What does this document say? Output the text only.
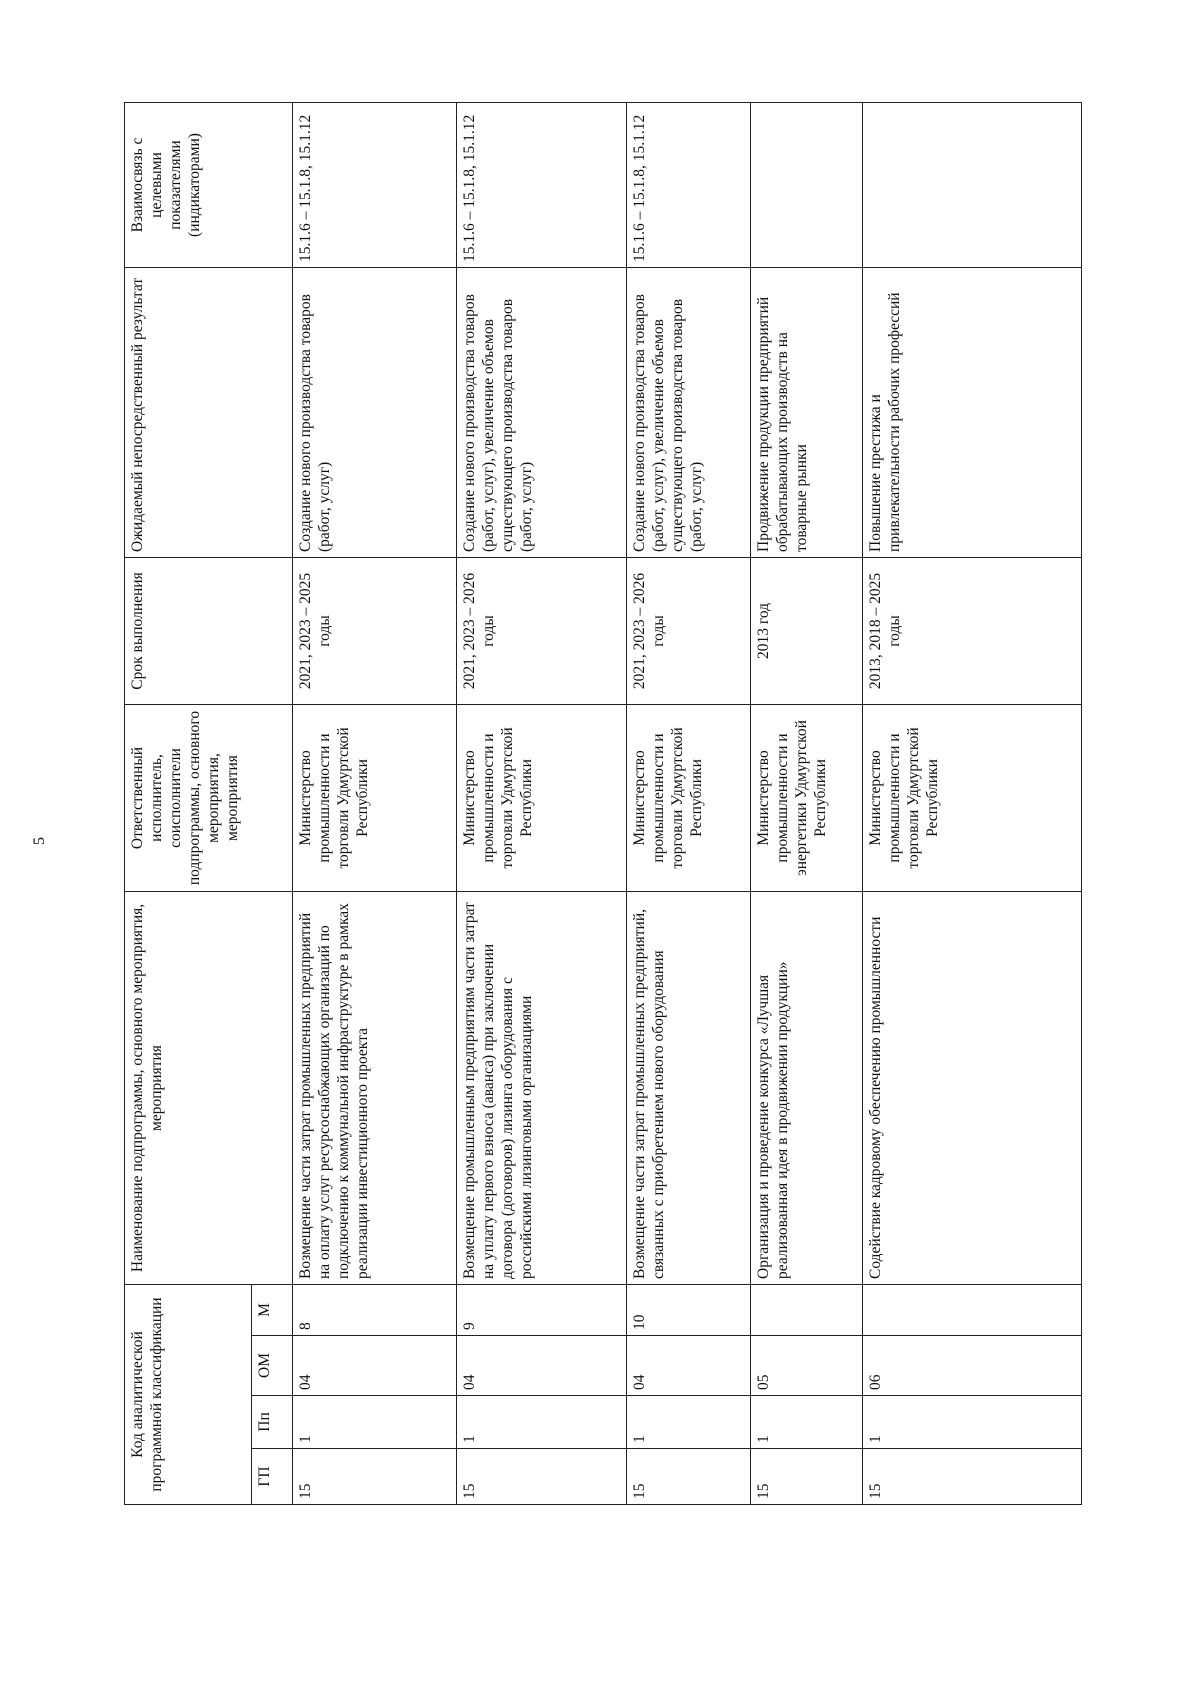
5
Код аналитической программной классификации				Наименование подпрограммы, основного мероприятия, мероприятия	Ответственный исполнитель, соисполнители подпрограммы, основного мероприятия, мероприятия	Срок выполнения	Ожидаемый непосредственный результат	Взаимосвязь с целевыми показателями (индикаторами)
ГП	Пп	ОМ	М					
15	1	04	8	Возмещение части затрат промышленных предприятий на оплату услуг ресурсоснабжающих организаций по подключению к коммунальной инфраструктуре в рамках реализации инвестиционного проекта	Министерство промышленности и торговли Удмуртской Республики	2021, 2023 – 2025 годы	Создание нового производства товаров (работ, услуг)	15.1.6 – 15.1.8, 15.1.12
15	1	04	9	Возмещение промышленным предприятиям части затрат на уплату первого взноса (аванса) при заключении договора (договоров) лизинга оборудования с российскими лизинговыми организациями	Министерство промышленности и торговли Удмуртской Республики	2021, 2023 – 2026 годы	Создание нового производства товаров (работ, услуг), увеличение объемов существующего производства товаров (работ, услуг)	15.1.6 – 15.1.8, 15.1.12
15	1	04	10	Возмещение части затрат промышленных предприятий, связанных с приобретением нового оборудования	Министерство промышленности и торговли Удмуртской Республики	2021, 2023 – 2026 годы	Создание нового производства товаров (работ, услуг), увеличение объемов существующего производства товаров (работ, услуг)	15.1.6 – 15.1.8, 15.1.12
15	1	05		Организация и проведение конкурса «Лучшая реализованная идея в продвижении продукции»	Министерство промышленности и энергетики Удмуртской Республики	2013 год	Продвижение продукции предприятий обрабатывающих производств на товарные рынки	
15	1	06		Содействие кадровому обеспечению промышленности	Министерство промышленности и торговли Удмуртской Республики	2013, 2018 – 2025 годы	Повышение престижа и привлекательности рабочих профессий	
